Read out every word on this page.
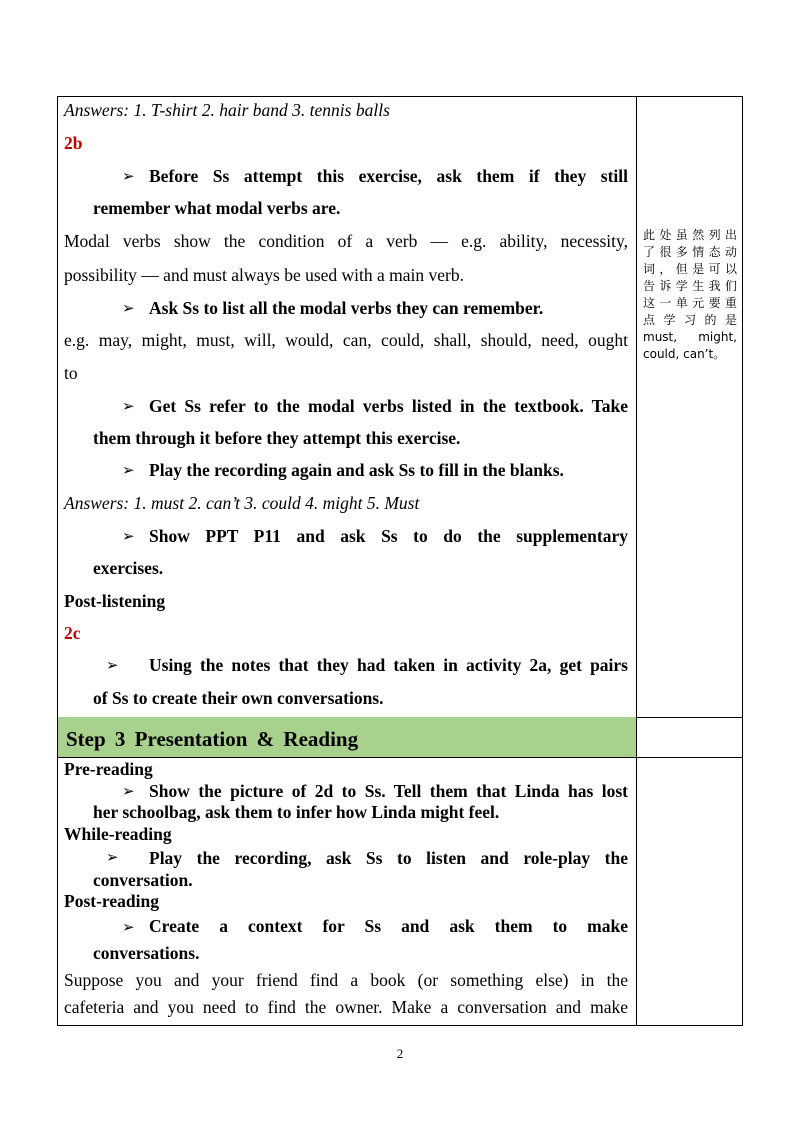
Step 3 Presentation & Reading
此处虽然列出
了很多情态动
词，但是可以
告诉学生我们
这一单元要重
点学习的是
must, might,
could, can’t。
Answers: 1. T-shirt 2. hair band 3. tennis balls
2b
➢ Before Ss attempt this exercise, ask them if they still
remember what modal verbs are.
Modal verbs show the condition of a verb — e.g. ability, necessity,
possibility — and must always be used with a main verb.
➢ Ask Ss to list all the modal verbs they can remember.
e.g. may, might, must, will, would, can, could, shall, should, need, ought
to
➢ Get Ss refer to the modal verbs listed in the textbook. Take
them through it before they attempt this exercise.
➢ Play the recording again and ask Ss to fill in the blanks.
Answers: 1. must 2. can’t 3. could 4. might 5. Must
➢ Show PPT P11 and ask Ss to do the supplementary
exercises.
Post-listening
2c
➢ Using the notes that they had taken in activity 2a, get pairs
of Ss to create their own conversations.
Pre-reading
➢ Show the picture of 2d to Ss. Tell them that Linda has lost
her schoolbag, ask them to infer how Linda might feel.
While-reading
➢ Play the recording, ask Ss to listen and role-play the
conversation.
Post-reading
➢ Create a context for Ss and ask them to make
conversations.
Suppose you and your friend find a book (or something else) in the
cafeteria and you need to find the owner. Make a conversation and make
2
